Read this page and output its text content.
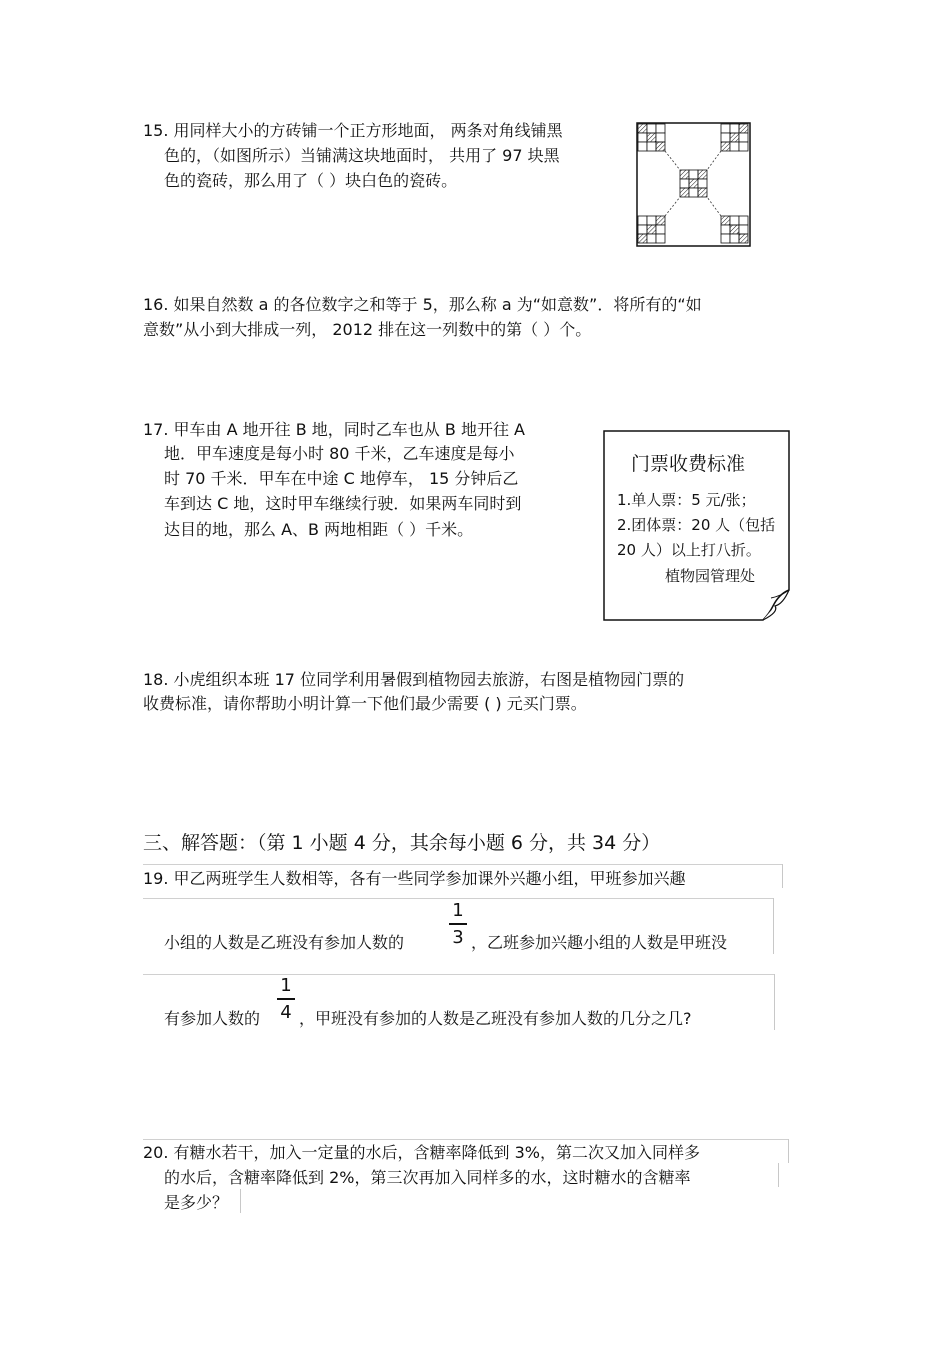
15. 用同样大小的方砖铺一个正方形地面， 两条对角线铺黑
色的，（如图所示）当铺满这块地面时， 共用了 97 块黑
色的瓷砖，那么用了（ ）块白色的瓷砖。
16. 如果自然数 a 的各位数字之和等于 5，那么称 a 为“如意数”．将所有的“如
意数”从小到大排成一列， 2012 排在这一列数中的第（ ）个。
17. 甲车由 A 地开往 B 地，同时乙车也从 B 地开往 A
地．甲车速度是每小时 80 千米，乙车速度是每小
时 70 千米．甲车在中途 C 地停车， 15 分钟后乙
车到达 C 地，这时甲车继续行驶．如果两车同时到
达目的地，那么 A、B 两地相距（ ）千米。
门票收费标准
1.单人票：5 元/张；
2.团体票：20 人（包括
20 人）以上打八折。
植物园管理处
18. 小虎组织本班 17 位同学利用暑假到植物园去旅游，右图是植物园门票的
收费标准，请你帮助小明计算一下他们最少需要 ( ) 元买门票。
三、解答题：（第 1 小题 4 分，其余每小题 6 分，共 34 分）
19. 甲乙两班学生人数相等，各有一些同学参加课外兴趣小组，甲班参加兴趣
小组的人数是乙班没有参加人数的
1
3 ，乙班参加兴趣小组的人数是甲班没
有参加人数的
1
4 ，甲班没有参加的人数是乙班没有参加人数的几分之几?
20. 有糖水若干，加入一定量的水后，含糖率降低到 3%，第二次又加入同样多
的水后，含糖率降低到 2%，第三次再加入同样多的水，这时糖水的含糖率
是多少？
